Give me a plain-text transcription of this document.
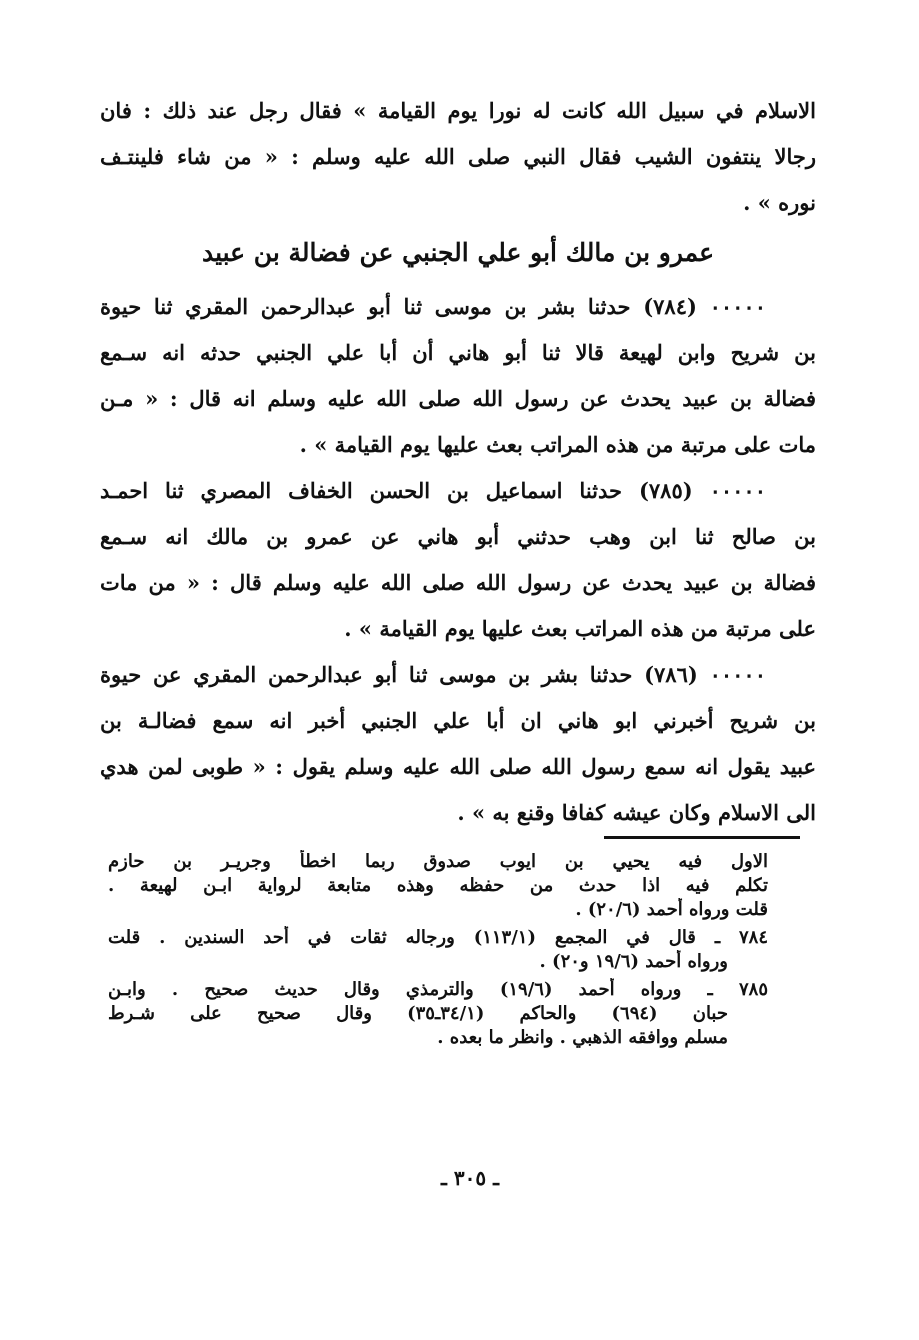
الاسلام في سبيل الله كانت له نورا يوم القيامة » فقال رجل عند ذلك : فان
رجالا ينتفون الشيب فقال النبي صلى الله عليه وسلم : « من شاء فلينتـف
نوره » .
عمرو بن مالك أبو علي الجنبي عن فضالة بن عبيد
٠٠٠٠٠ (٧٨٤) حدثنا بشر بن موسى ثنا أبو عبدالرحمن المقري ثنا حيوة
بن شريح وابن لهيعة قالا ثنا أبو هاني أن أبا علي الجنبي حدثه انه سـمع
فضالة بن عبيد يحدث عن رسول الله صلى الله عليه وسلم انه قال : « مـن
مات على مرتبة من هذه المراتب بعث عليها يوم القيامة » .
٠٠٠٠٠ (٧٨٥) حدثنا اسماعيل بن الحسن الخفاف المصري ثنا احمـد
بن صالح ثنا ابن وهب حدثني أبو هاني عن عمرو بن مالك انه سـمع
فضالة بن عبيد يحدث عن رسول الله صلى الله عليه وسلم قال : « من مات
على مرتبة من هذه المراتب بعث عليها يوم القيامة » .
٠٠٠٠٠ (٧٨٦) حدثنا بشر بن موسى ثنا أبو عبدالرحمن المقري عن حيوة
بن شريح أخبرني ابو هاني ان أبا علي الجنبي أخبر انه سمع فضالـة بن
عبيد يقول انه سمع رسول الله صلى الله عليه وسلم يقول : « طوبى لمن هدي
الى الاسلام وكان عيشه كفافا وقنع به » .
الاول فيه يحيي بن ايوب صدوق ربما اخطأ وجريـر بن حازم
تكلم فيه اذا حدث من حفظه وهذه متابعة لرواية ابـن لهيعة .
قلت ورواه أحمد (٢٠/٦) .
٧٨٤ ـ قال في المجمع (١١٣/١) ورجاله ثقات في أحد السندين . قلت
ورواه أحمد (١٩/٦ و٢٠) .
٧٨٥ ـ ورواه أحمد (١٩/٦) والترمذي وقال حديث صحيح . وابـن
حبان (٦٩٤) والحاكم (٣٤/١ـ٣٥) وقال صحيح على شـرط
مسلم ووافقه الذهبي . وانظر ما بعده .
ـ ٣٠٥ ـ
